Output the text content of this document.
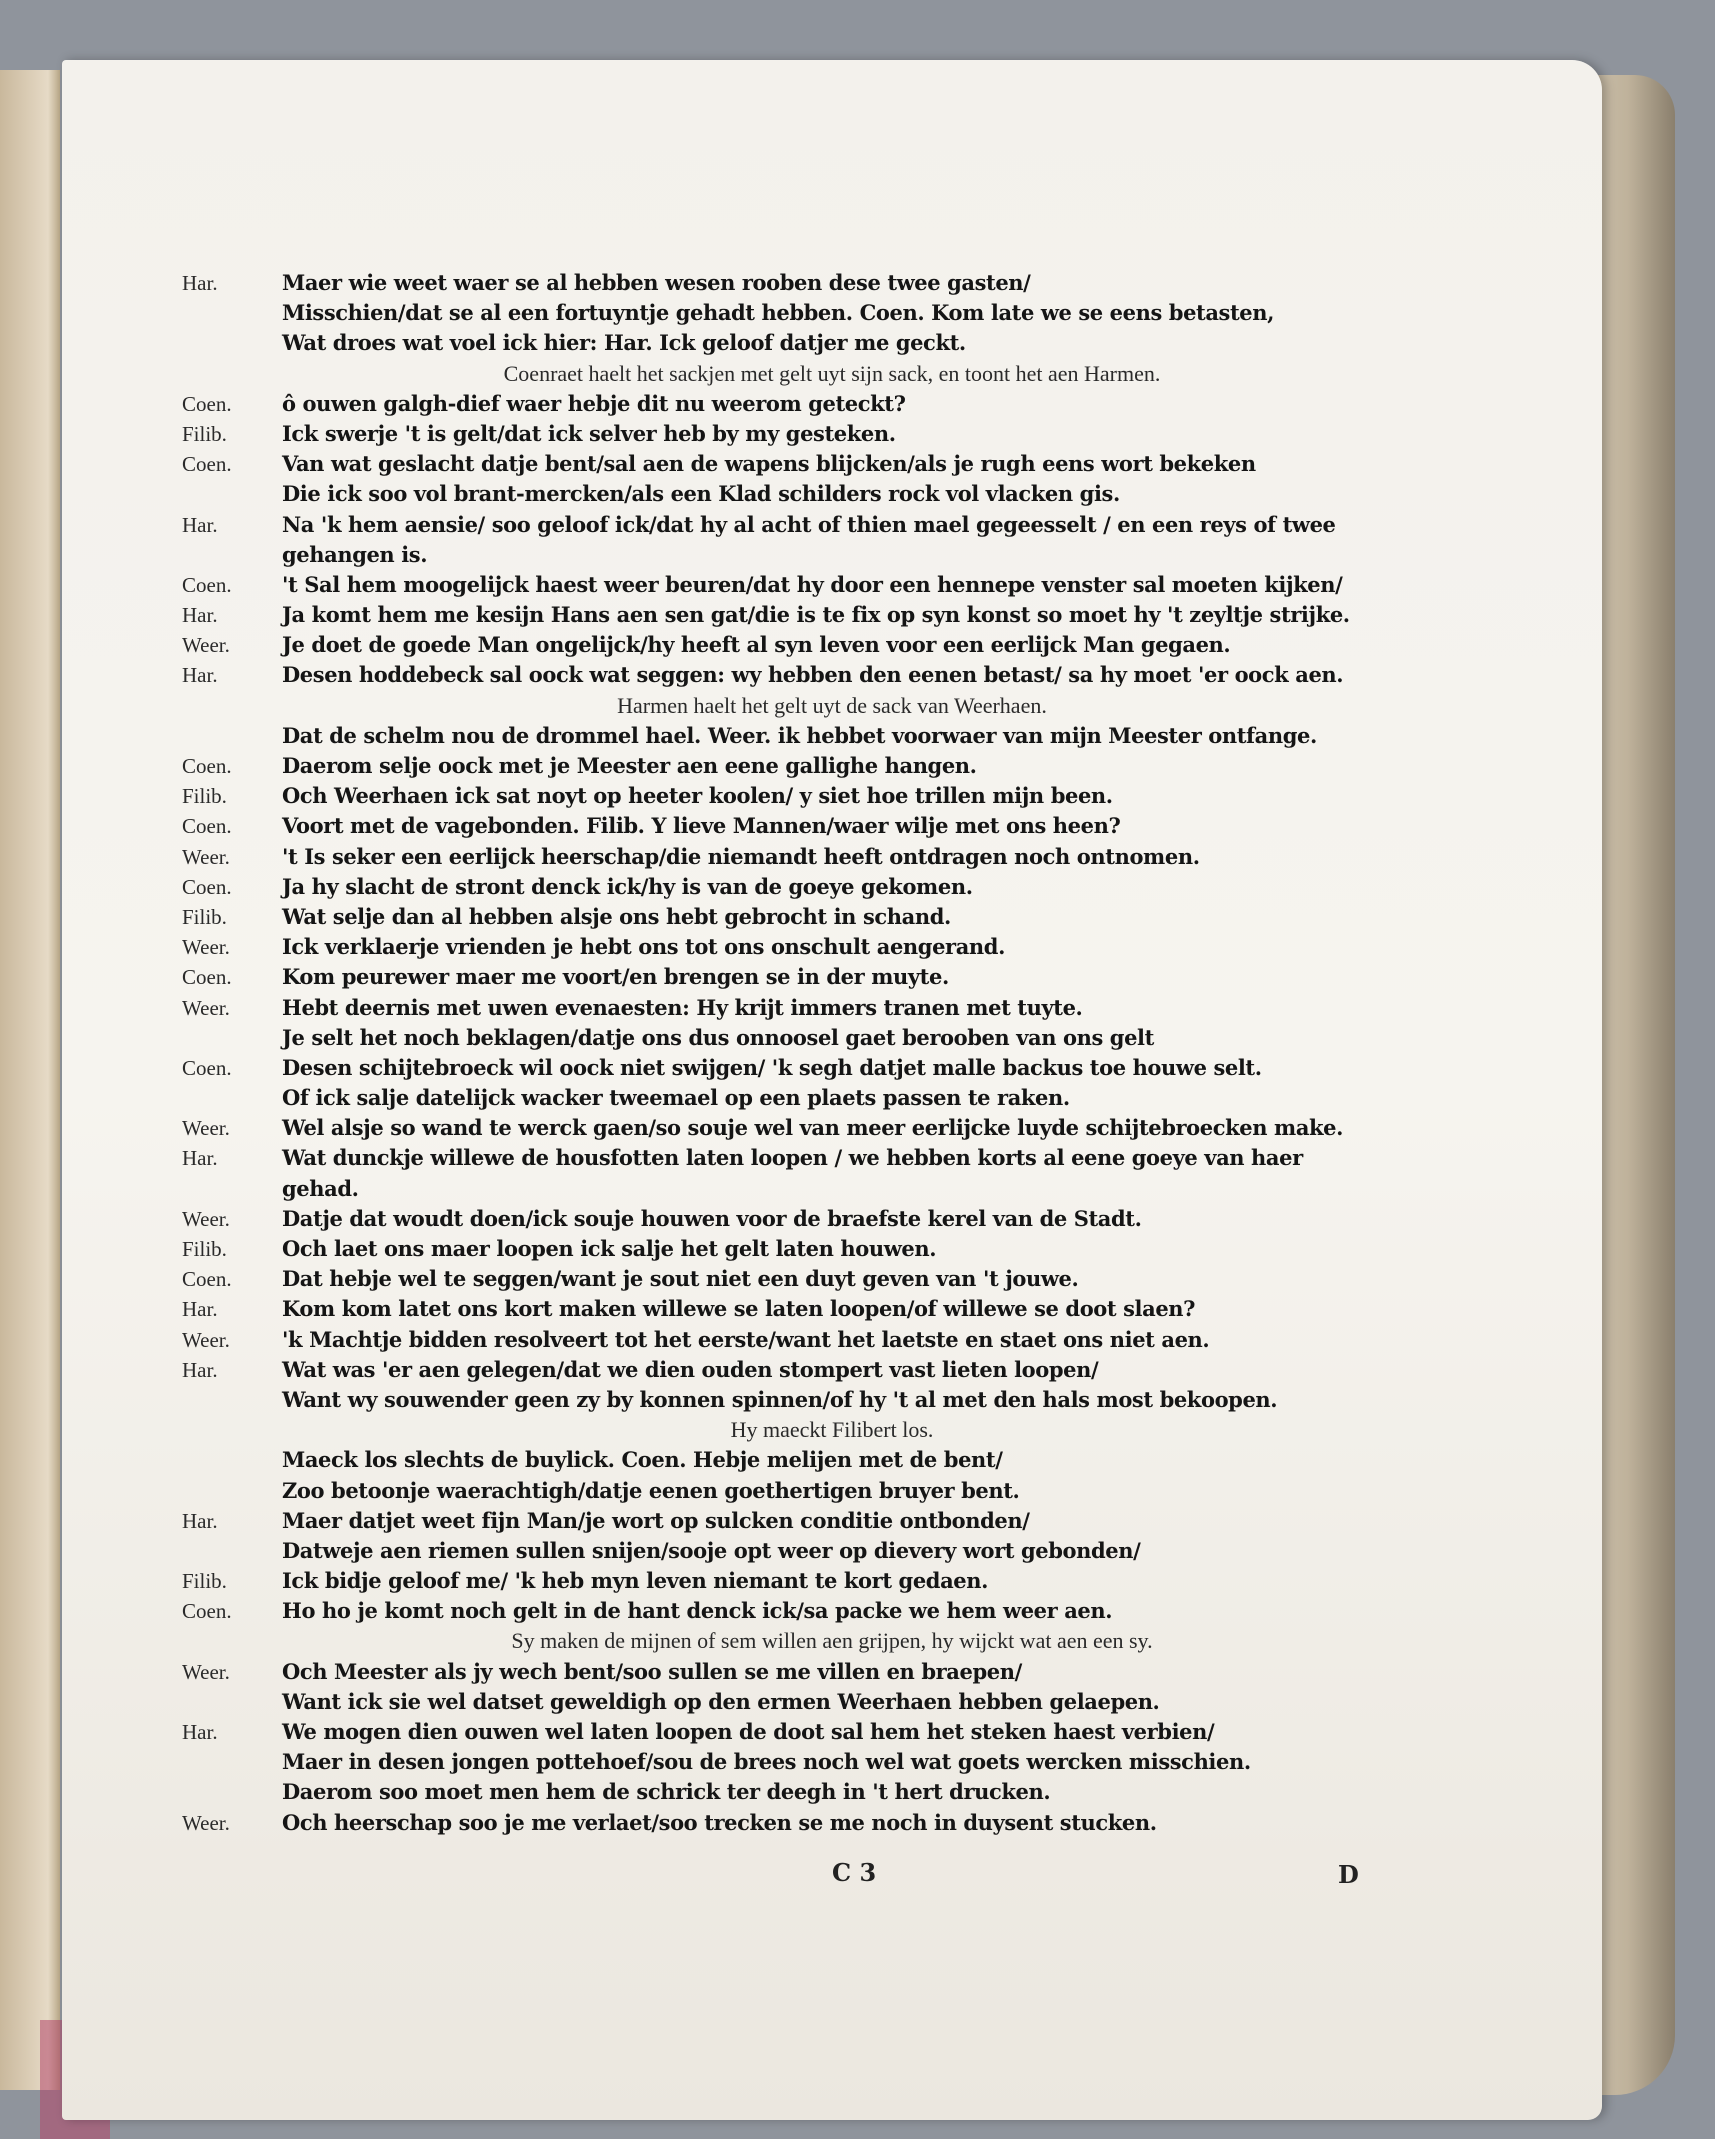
Har.	Maer wie weet waer se al hebben wesen rooben dese twee gasten/
Misschien/dat se al een fortuyntje gehadt hebben. Coen. Kom late we se eens betasten,
Wat droes wat voel ick hier: Har. Ick geloof datjer me geckt.
Coenraet haelt het sackjen met gelt uyt sijn sack, en toont het aen Harmen.
Coen.	ô ouwen galgh-dief waer hebje dit nu weerom geteckt?
Filib.	Ick swerje 't is gelt/dat ick selver heb by my gesteken.
Coen.	Van wat geslacht datje bent/sal aen de wapens blijcken/als je rugh eens wort bekeken
Die ick soo vol brant-mercken/als een Klad schilders rock vol vlacken gis.
Har.	Na 'k hem aensie/ soo geloof ick/dat hy al acht of thien mael gegeesselt / en een reys of twee
gehangen is.
Coen.	't Sal hem moogelijck haest weer beuren/dat hy door een hennepe venster sal moeten kijken/
Har.	Ja komt hem me kesijn Hans aen sen gat/die is te fix op syn konst so moet hy 't zeyltje strijke.
Weer.	Je doet de goede Man ongelijck/hy heeft al syn leven voor een eerlijck Man gegaen.
Har.	Desen hoddebeck sal oock wat seggen: wy hebben den eenen betast/ sa hy moet 'er oock aen.
Harmen haelt het gelt uyt de sack van Weerhaen.
Dat de schelm nou de drommel hael. Weer. ik hebbet voorwaer van mijn Meester ontfange.
Coen.	Daerom selje oock met je Meester aen eene gallighe hangen.
Filib.	Och Weerhaen ick sat noyt op heeter koolen/ y siet hoe trillen mijn been.
Coen.	Voort met de vagebonden. Filib. Y lieve Mannen/waer wilje met ons heen?
Weer.	't Is seker een eerlijck heerschap/die niemandt heeft ontdragen noch ontnomen.
Coen.	Ja hy slacht de stront denck ick/hy is van de goeye gekomen.
Filib.	Wat selje dan al hebben alsje ons hebt gebrocht in schand.
Weer.	Ick verklaerje vrienden je hebt ons tot ons onschult aengerand.
Coen.	Kom peurewer maer me voort/en brengen se in der muyte.
Weer.	Hebt deernis met uwen evenaesten: Hy krijt immers tranen met tuyte.
Je selt het noch beklagen/datje ons dus onnoosel gaet berooben van ons gelt
Coen.	Desen schijtebroeck wil oock niet swijgen/ 'k segh datjet malle backus toe houwe selt.
Of ick salje datelijck wacker tweemael op een plaets passen te raken.
Weer.	Wel alsje so wand te werck gaen/so souje wel van meer eerlijcke luyde schijtebroecken make.
Har.	Wat dunckje willewe de housfotten laten loopen / we hebben korts al eene goeye van haer
gehad.
Weer.	Datje dat woudt doen/ick souje houwen voor de braefste kerel van de Stadt.
Filib.	Och laet ons maer loopen ick salje het gelt laten houwen.
Coen.	Dat hebje wel te seggen/want je sout niet een duyt geven van 't jouwe.
Har.	Kom kom latet ons kort maken willewe se laten loopen/of willewe se doot slaen?
Weer.	'k Machtje bidden resolveert tot het eerste/want het laetste en staet ons niet aen.
Har.	Wat was 'er aen gelegen/dat we dien ouden stompert vast lieten loopen/
Want wy souwender geen zy by konnen spinnen/of hy 't al met den hals most bekoopen.
Hy maeckt Filibert los.
Maeck los slechts de buylick. Coen. Hebje melijen met de bent/
Zoo betoonje waerachtigh/datje eenen goethertigen bruyer bent.
Har.	Maer datjet weet fijn Man/je wort op sulcken conditie ontbonden/
Datweje aen riemen sullen snijen/sooje opt weer op dievery wort gebonden/
Filib.	Ick bidje geloof me/ 'k heb myn leven niemant te kort gedaen.
Coen.	Ho ho je komt noch gelt in de hant denck ick/sa packe we hem weer aen.
Sy maken de mijnen of sem willen aen grijpen, hy wijckt wat aen een sy.
Weer.	Och Meester als jy wech bent/soo sullen se me villen en braepen/
Want ick sie wel datset geweldigh op den ermen Weerhaen hebben gelaepen.
Har.	We mogen dien ouwen wel laten loopen de doot sal hem het steken haest verbien/
Maer in desen jongen pottehoef/sou de brees noch wel wat goets wercken misschien.
Daerom soo moet men hem de schrick ter deegh in 't hert drucken.
Weer.	Och heerschap soo je me verlaet/soo trecken se me noch in duysent stucken.
C 3	D
